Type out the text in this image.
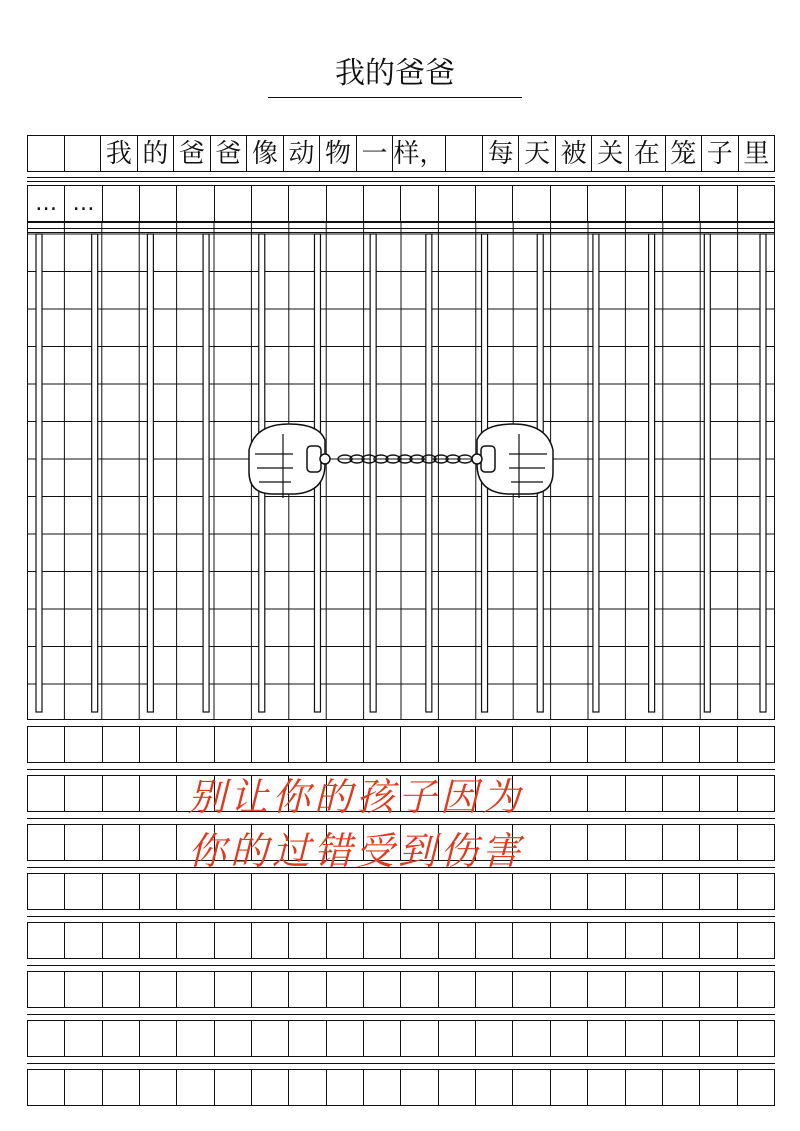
我的爸爸
我 的 爸 爸 像 动 物 一 样， 每 天 被 关 在 笼 子 里
… …
别让你的孩子因为
你的过错受到伤害
